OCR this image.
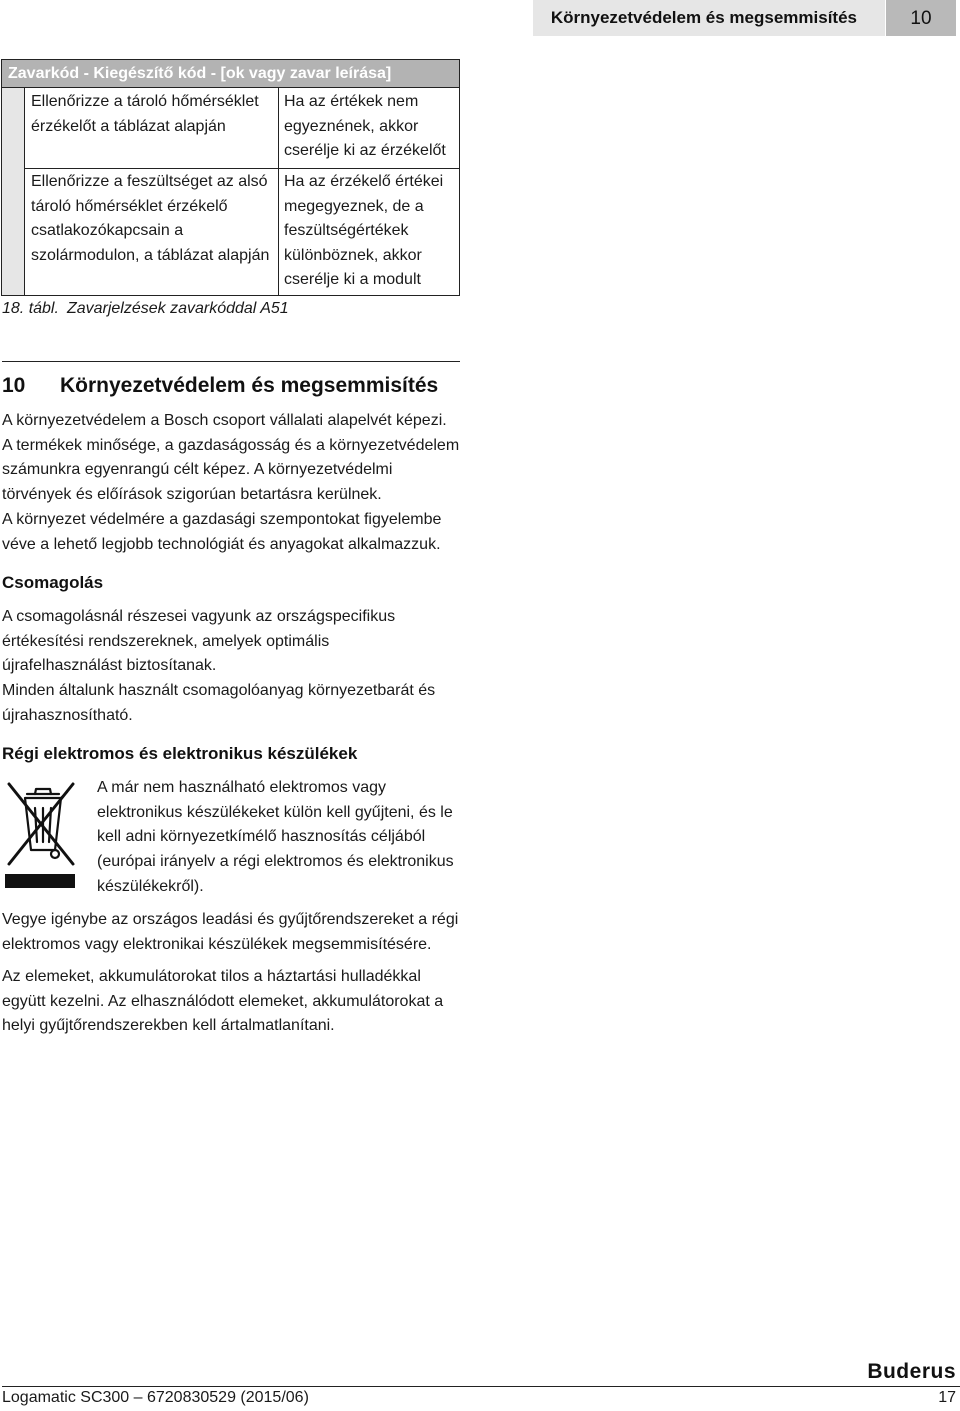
Környezetvédelem és megsemmisítés	10
Zavarkód - Kiegészítő kód - [ok vagy zavar leírása]
Ellenőrizze a tároló hőmérséklet
érzékelőt a táblázat alapján
Ha az értékek nem
egyeznének, akkor
cserélje ki az érzékelőt
Ellenőrizze a feszültséget az alsó
tároló hőmérséklet érzékelő
csatlakozókapcsain a
szolármodulon, a táblázat alapján
Ha az érzékelő értékei
megegyeznek, de a
feszültségértékek
különböznek, akkor
cserélje ki a modult
18. tábl. Zavarjelzések zavarkóddal A51
10 Környezetvédelem és megsemmisítés
A környezetvédelem a Bosch csoport vállalati alapelvét képezi.
A termékek minősége, a gazdaságosság és a környezetvédelem
számunkra egyenrangú célt képez. A környezetvédelmi
törvények és előírások szigorúan betartásra kerülnek.
A környezet védelmére a gazdasági szempontokat figyelembe
véve a lehető legjobb technológiát és anyagokat alkalmazzuk.
Csomagolás
A csomagolásnál részesei vagyunk az országspecifikus
értékesítési rendszereknek, amelyek optimális
újrafelhasználást biztosítanak.
Minden általunk használt csomagolóanyag környezetbarát és
újrahasznosítható.
Régi elektromos és elektronikus készülékek
A már nem használható elektromos vagy
elektronikus készülékeket külön kell gyűjteni, és le
kell adni környezetkímélő hasznosítás céljából
(európai irányelv a régi elektromos és elektronikus
készülékekről).
Vegye igénybe az országos leadási és gyűjtőrendszereket a régi
elektromos vagy elektronikai készülékek megsemmisítésére.
Az elemeket, akkumulátorokat tilos a háztartási hulladékkal
együtt kezelni. Az elhasználódott elemeket, akkumulátorokat a
helyi gyűjtőrendszerekben kell ártalmatlanítani.
Buderus
Logamatic SC300 – 6720830529 (2015/06)	17
